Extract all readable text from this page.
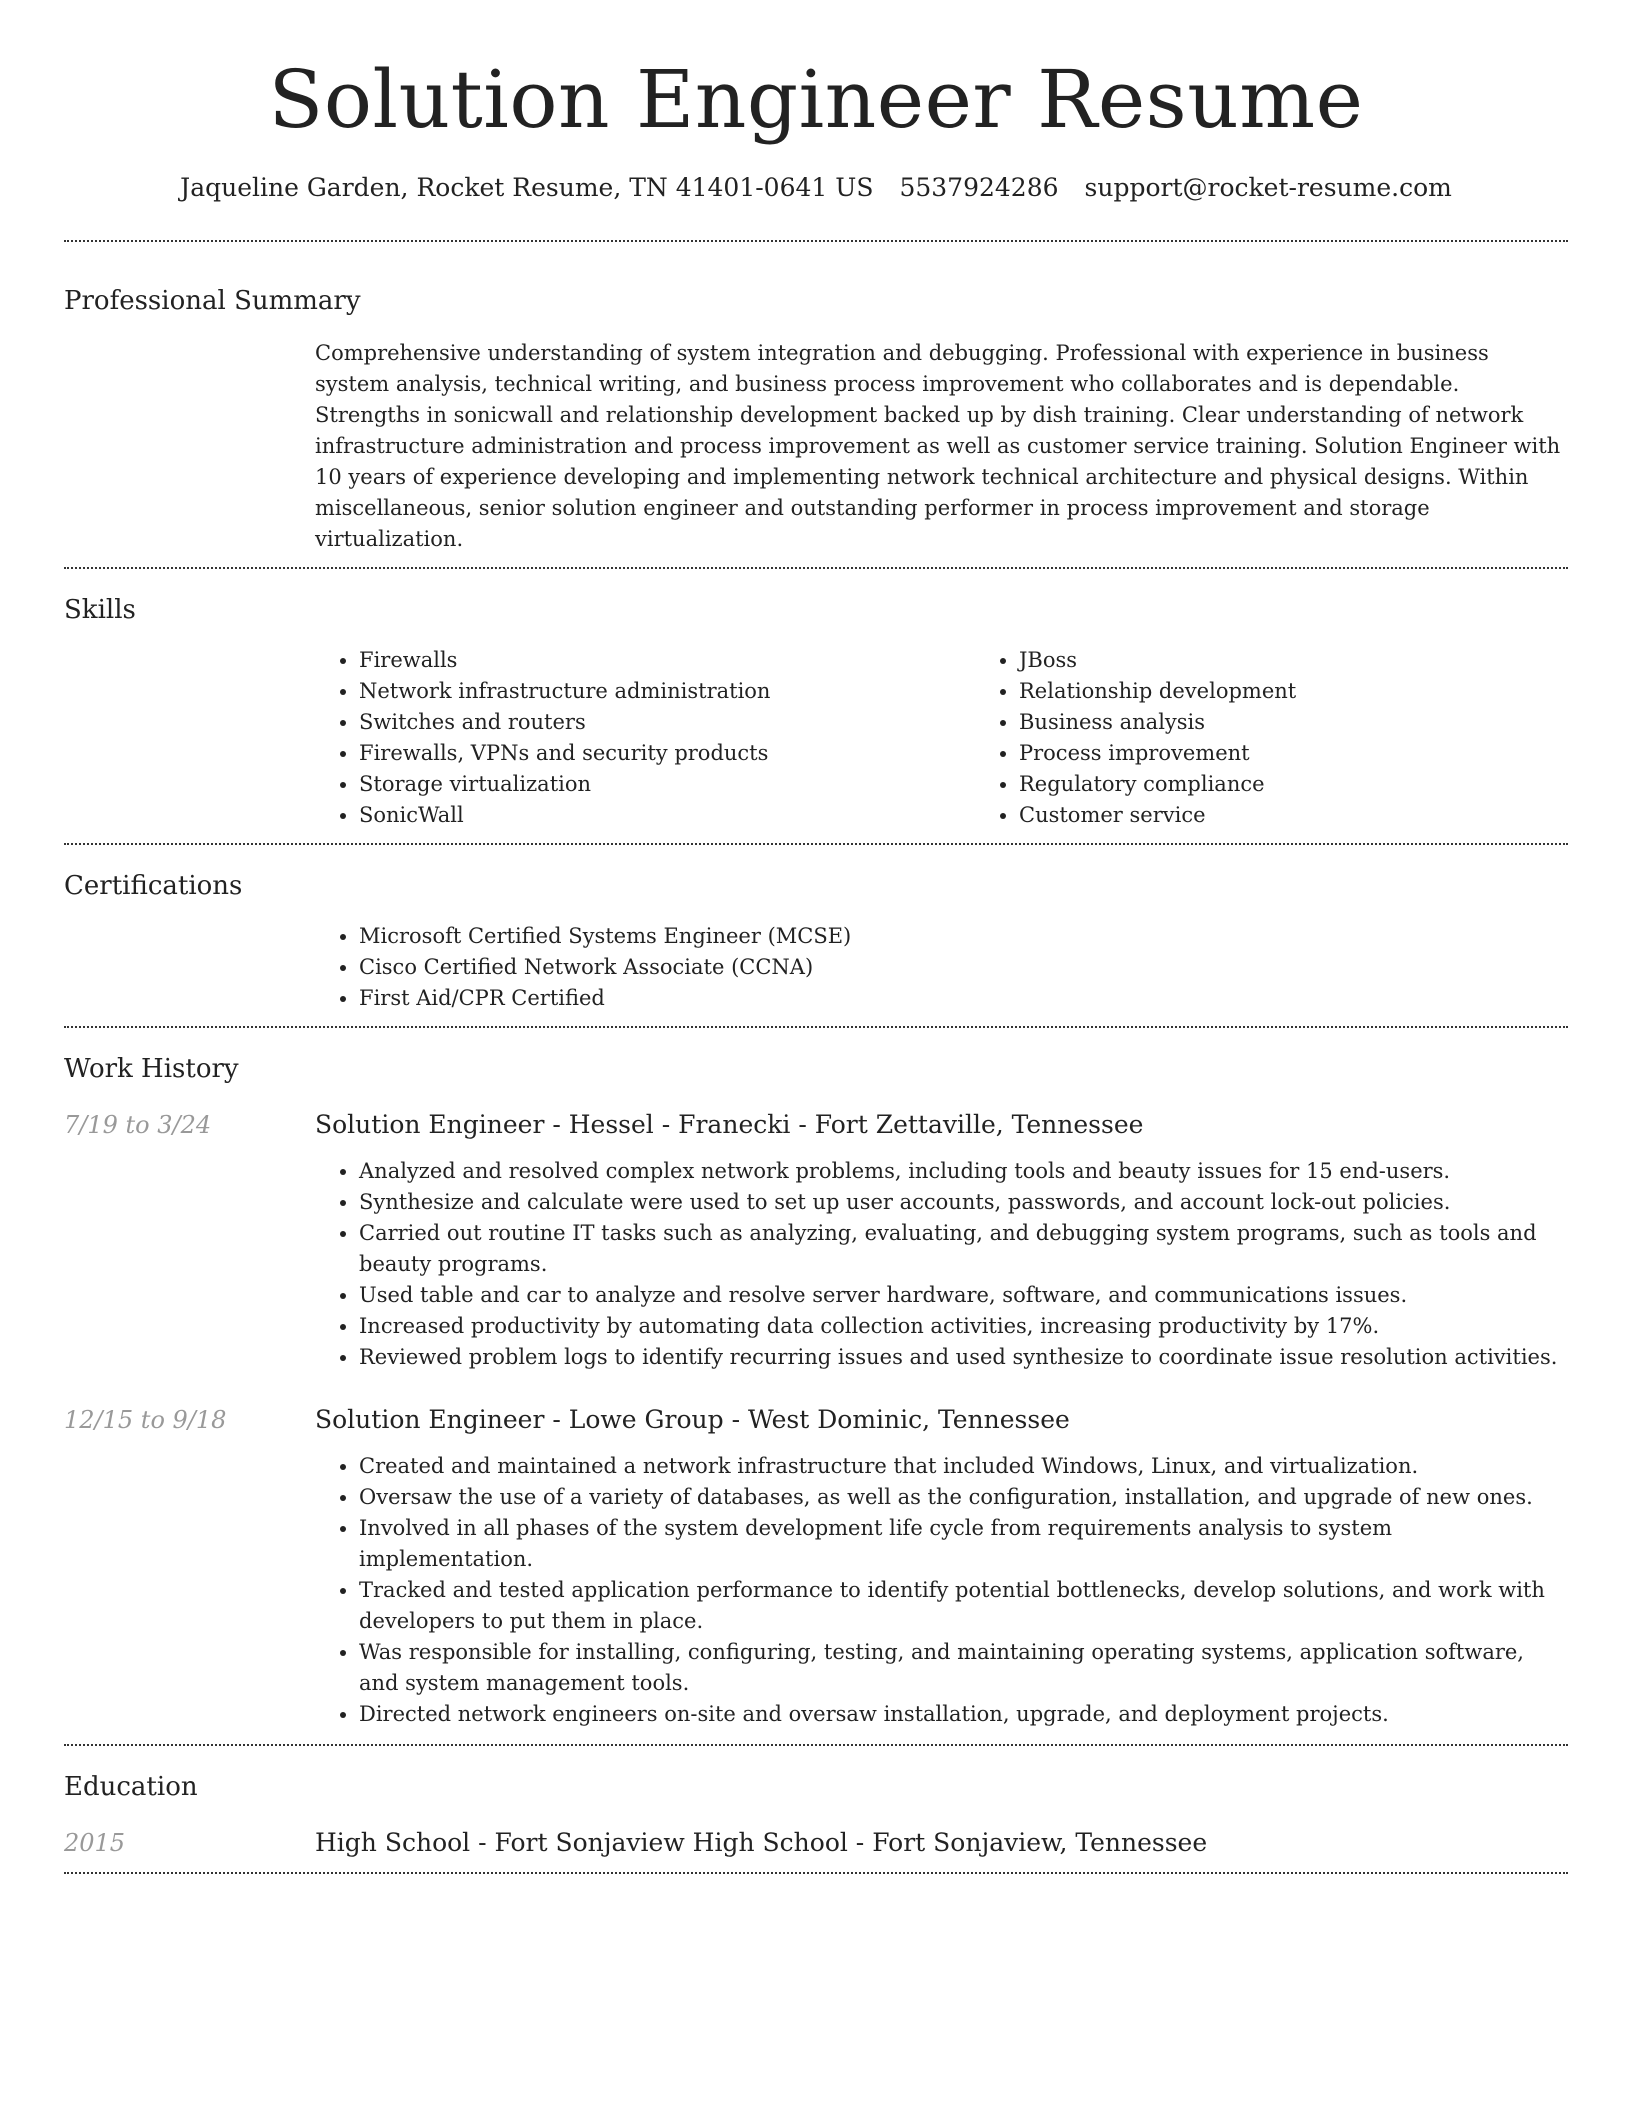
Solution Engineer Resume
Jaqueline Garden, Rocket Resume, TN 41401-0641 US 5537924286 support@rocket-resume.com
Professional Summary

Comprehensive understanding of system integration and debugging. Professional with experience in business system analysis, technical writing, and business process improvement who collaborates and is dependable. Strengths in sonicwall and relationship development backed up by dish training. Clear understanding of network infrastructure administration and process improvement as well as customer service training. Solution Engineer with 10 years of experience developing and implementing network technical architecture and physical designs. Within miscellaneous, senior solution engineer and outstanding performer in process improvement and storage virtualization.

Skills
• Firewalls
• Network infrastructure administration
• Switches and routers
• Firewalls, VPNs and security products
• Storage virtualization
• SonicWall
• JBoss
• Relationship development
• Business analysis
• Process improvement
• Regulatory compliance
• Customer service
Certifications
• Microsoft Certified Systems Engineer (MCSE)
• Cisco Certified Network Associate (CCNA)
• First Aid/CPR Certified
Work History
7/19 to 3/24	Solution Engineer - Hessel - Franecki - Fort Zettaville, Tennessee
• Analyzed and resolved complex network problems, including tools and beauty issues for 15 end-users.
• Synthesize and calculate were used to set up user accounts, passwords, and account lock-out policies.
• Carried out routine IT tasks such as analyzing, evaluating, and debugging system programs, such as tools and beauty programs.
• Used table and car to analyze and resolve server hardware, software, and communications issues.
• Increased productivity by automating data collection activities, increasing productivity by 17%.
• Reviewed problem logs to identify recurring issues and used synthesize to coordinate issue resolution activities.
12/15 to 9/18	Solution Engineer - Lowe Group - West Dominic, Tennessee
• Created and maintained a network infrastructure that included Windows, Linux, and virtualization.
• Oversaw the use of a variety of databases, as well as the configuration, installation, and upgrade of new ones.
• Involved in all phases of the system development life cycle from requirements analysis to system implementation.
• Tracked and tested application performance to identify potential bottlenecks, develop solutions, and work with developers to put them in place.
• Was responsible for installing, configuring, testing, and maintaining operating systems, application software, and system management tools.
• Directed network engineers on-site and oversaw installation, upgrade, and deployment projects.
Education
2015	High School - Fort Sonjaview High School - Fort Sonjaview, Tennessee
